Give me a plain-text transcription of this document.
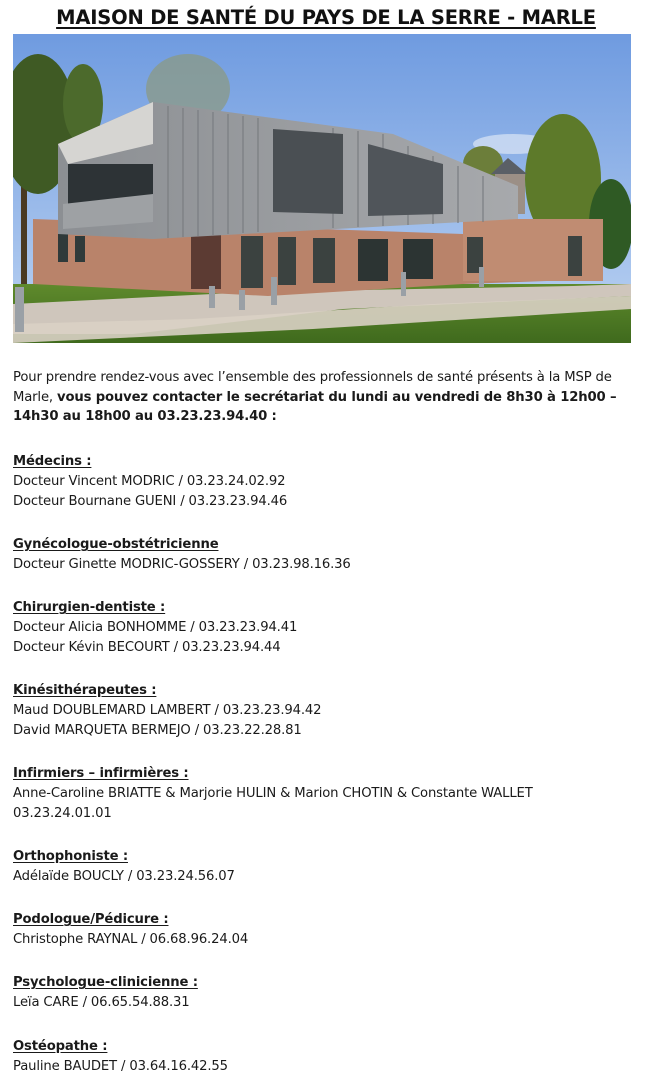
MAISON DE SANTÉ DU PAYS DE LA SERRE - MARLE
Pour prendre rendez-vous avec l’ensemble des professionnels de santé présents à la MSP de Marle, vous pouvez contacter le secrétariat du lundi au vendredi de 8h30 à 12h00 – 14h30 au 18h00 au 03.23.23.94.40 :
Médecins :
Docteur Vincent MODRIC / 03.23.24.02.92
Docteur Bournane GUENI / 03.23.23.94.46
Gynécologue-obstétricienne
Docteur Ginette MODRIC-GOSSERY / 03.23.98.16.36
Chirurgien-dentiste :
Docteur Alicia BONHOMME / 03.23.23.94.41
Docteur Kévin BECOURT / 03.23.23.94.44
Kinésithérapeutes :
Maud DOUBLEMARD LAMBERT / 03.23.23.94.42
David MARQUETA BERMEJO / 03.23.22.28.81
Infirmiers – infirmières :
Anne-Caroline BRIATTE & Marjorie HULIN & Marion CHOTIN & Constante WALLET
03.23.24.01.01
Orthophoniste :
Adélaïde BOUCLY / 03.23.24.56.07
Podologue/Pédicure :
Christophe RAYNAL / 06.68.96.24.04
Psychologue-clinicienne :
Leïa CARE / 06.65.54.88.31
Ostéopathe :
Pauline BAUDET / 03.64.16.42.55
